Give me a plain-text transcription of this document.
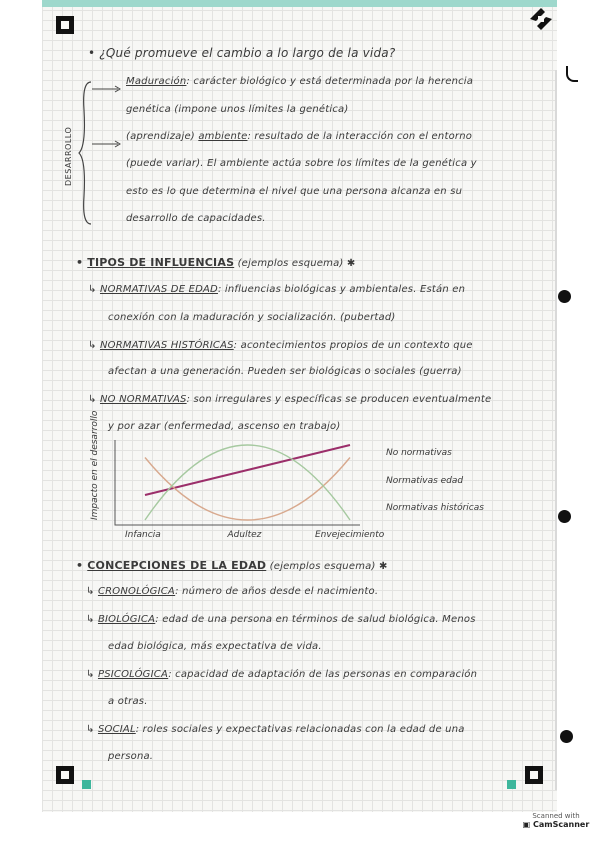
• ¿Qué promueve el cambio a lo largo de la vida?
DESARROLLO
Maduración: carácter biológico y está determinada por la herencia
genética (impone unos límites la genética)
(aprendizaje) ambiente: resultado de la interacción con el entorno
(puede variar). El ambiente actúa sobre los límites de la genética y
esto es lo que determina el nivel que una persona alcanza en su
desarrollo de capacidades.
• TIPOS DE INFLUENCIAS (ejemplos esquema) ✱
↳ NORMATIVAS DE EDAD: influencias biológicas y ambientales. Están en
conexión con la maduración y socialización. (pubertad)
↳ NORMATIVAS HISTÓRICAS: acontecimientos propios de un contexto que
afectan a una generación. Pueden ser biológicas o sociales (guerra)
↳ NO NORMATIVAS: son irregulares y específicas se producen eventualmente
y por azar (enfermedad, ascenso en trabajo)
Impacto en el desarrollo	No normativas
Normativas edad
Normativas históricas
Infancia	Adultez	Envejecimiento
• CONCEPCIONES DE LA EDAD (ejemplos esquema) ✱
↳ CRONOLÓGICA: número de años desde el nacimiento.
↳ BIOLÓGICA: edad de una persona en términos de salud biológica. Menos
edad biológica, más expectativa de vida.
↳ PSICOLÓGICA: capacidad de adaptación de las personas en comparación
a otras.
↳ SOCIAL: roles sociales y expectativas relacionadas con la edad de una
persona.
Scanned with
▣ CamScanner
